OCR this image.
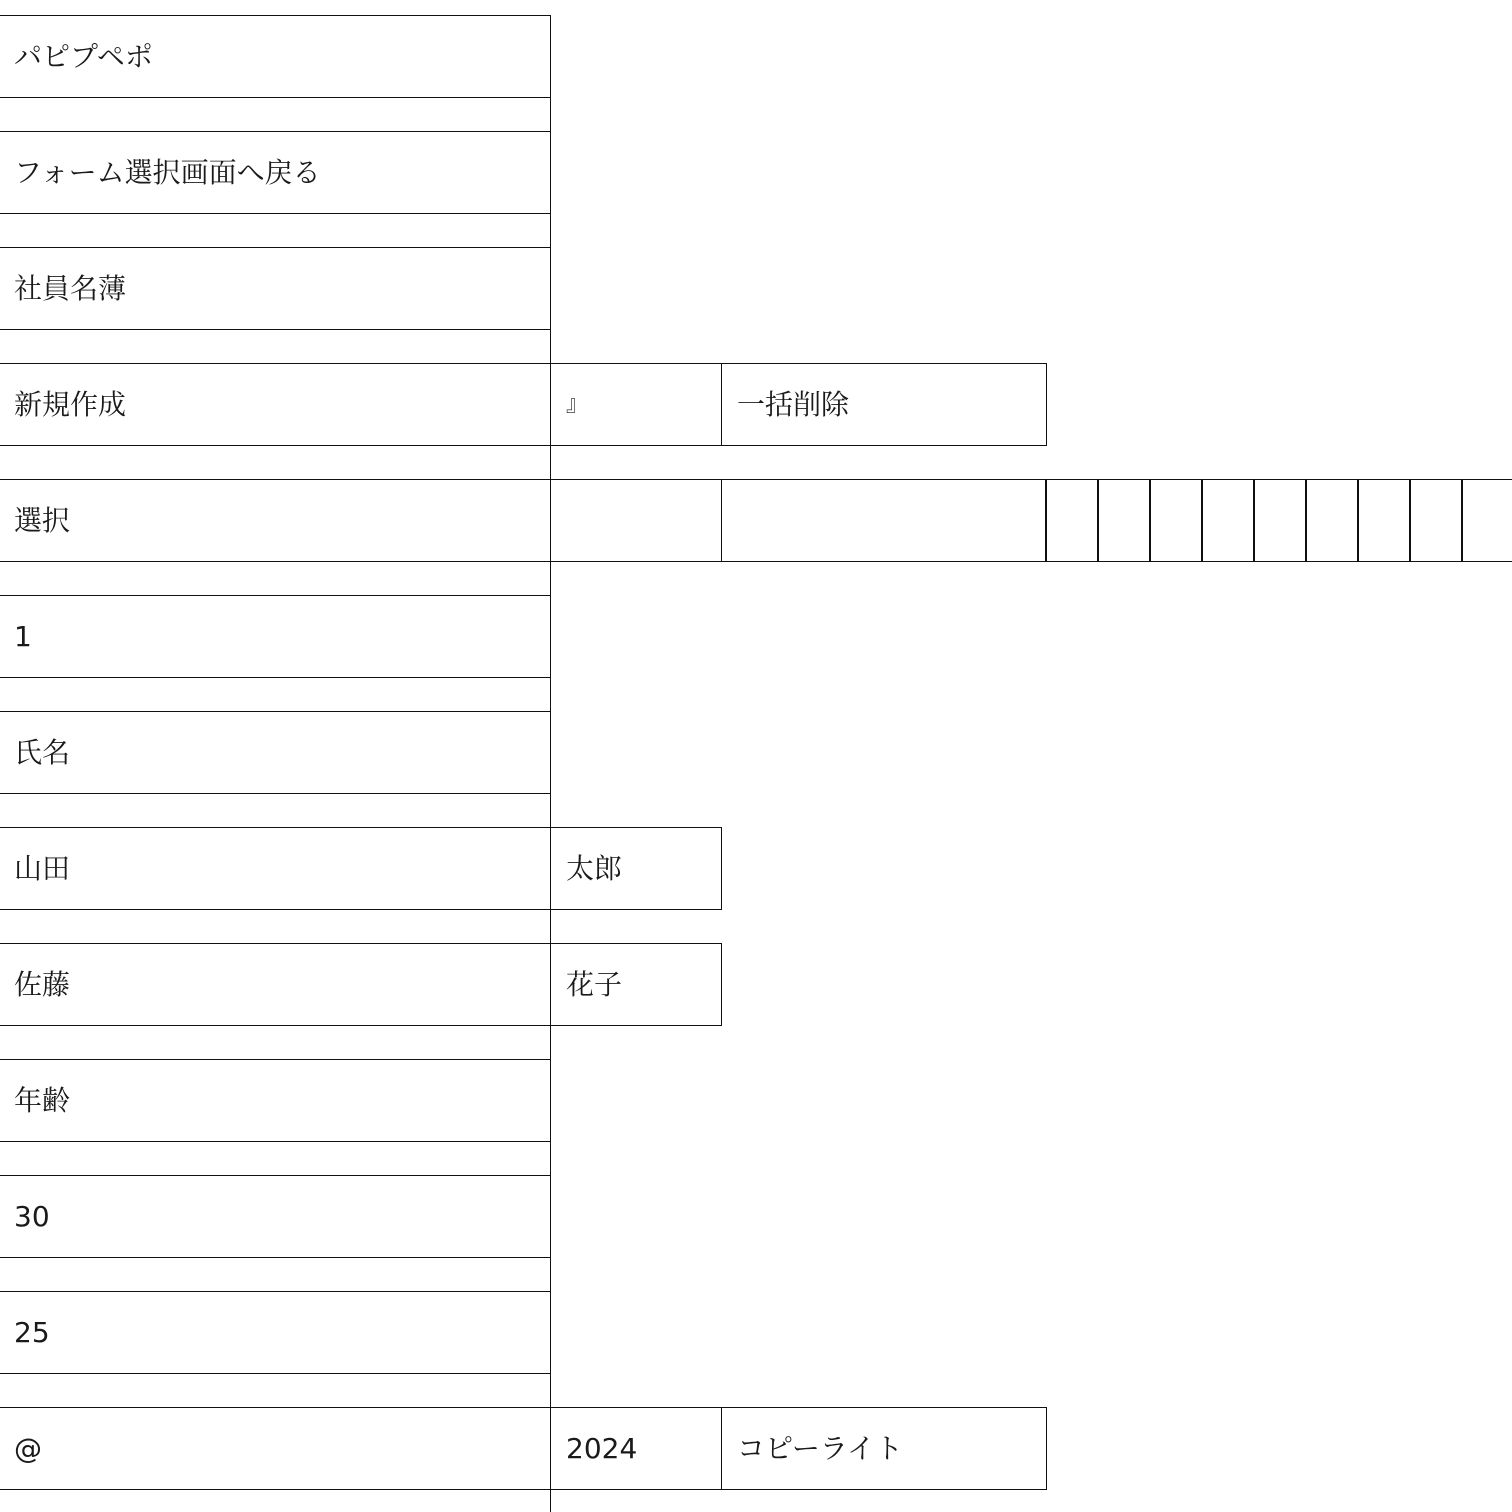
パピプペポ
フォーム選択画面へ戻る
社員名薄
新規作成	』	一括削除
選択
1
氏名
山田	太郎
佐藤	花子
年齢
30
25
@	2024	コピーライト
